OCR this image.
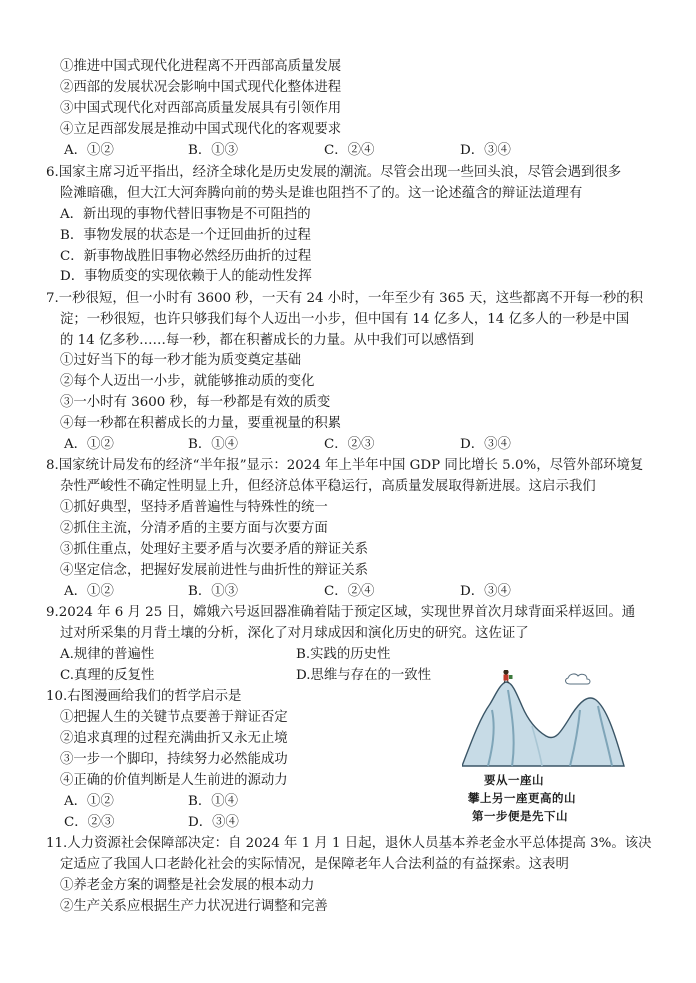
①推进中国式现代化进程离不开西部高质量发展
②西部的发展状况会影响中国式现代化整体进程
③中国式现代化对西部高质量发展具有引领作用
④立足西部发展是推动中国式现代化的客观要求
A．①②	B．①③	C．②④	D．③④
6.国家主席习近平指出，经济全球化是历史发展的潮流。尽管会出现一些回头浪，尽管会遇到很多
险滩暗礁，但大江大河奔腾向前的势头是谁也阻挡不了的。这一论述蕴含的辩证法道理有
A．新出现的事物代替旧事物是不可阻挡的
B．事物发展的状态是一个迂回曲折的过程
C．新事物战胜旧事物必然经历曲折的过程
D．事物质变的实现依赖于人的能动性发挥
7.一秒很短，但一小时有 3600 秒，一天有 24 小时，一年至少有 365 天，这些都离不开每一秒的积
淀；一秒很短，也许只够我们每个人迈出一小步，但中国有 14 亿多人，14 亿多人的一秒是中国
的 14 亿多秒……每一秒，都在积蓄成长的力量。从中我们可以感悟到
①过好当下的每一秒才能为质变奠定基础
②每个人迈出一小步，就能够推动质的变化
③一小时有 3600 秒，每一秒都是有效的质变
④每一秒都在积蓄成长的力量，要重视量的积累
A．①②	B．①④	C．②③	D．③④
8.国家统计局发布的经济“半年报”显示：2024 年上半年中国 GDP 同比增长 5.0%，尽管外部环境复
杂性严峻性不确定性明显上升，但经济总体平稳运行，高质量发展取得新进展。这启示我们
①抓好典型，坚持矛盾普遍性与特殊性的统一
②抓住主流，分清矛盾的主要方面与次要方面
③抓住重点，处理好主要矛盾与次要矛盾的辩证关系
④坚定信念，把握好发展前进性与曲折性的辩证关系
A．①②	B．①③	C．②④	D．③④
9.2024 年 6 月 25 日，嫦娥六号返回器准确着陆于预定区域，实现世界首次月球背面采样返回。通
过对所采集的月背土壤的分析，深化了对月球成因和演化历史的研究。这佐证了
A.规律的普遍性	B.实践的历史性
C.真理的反复性	D.思维与存在的一致性
10.右图漫画给我们的哲学启示是
①把握人生的关键节点要善于辩证否定
②追求真理的过程充满曲折又永无止境
③一步一个脚印，持续努力必然能成功
④正确的价值判断是人生前进的源动力
A．①②	B．①④
C．②③	D．③④
要从一座山
攀上另一座更高的山
第一步便是先下山
11.人力资源社会保障部决定：自 2024 年 1 月 1 日起，退休人员基本养老金水平总体提高 3%。该决
定适应了我国人口老龄化社会的实际情况，是保障老年人合法利益的有益探索。这表明
①养老金方案的调整是社会发展的根本动力
②生产关系应根据生产力状况进行调整和完善
